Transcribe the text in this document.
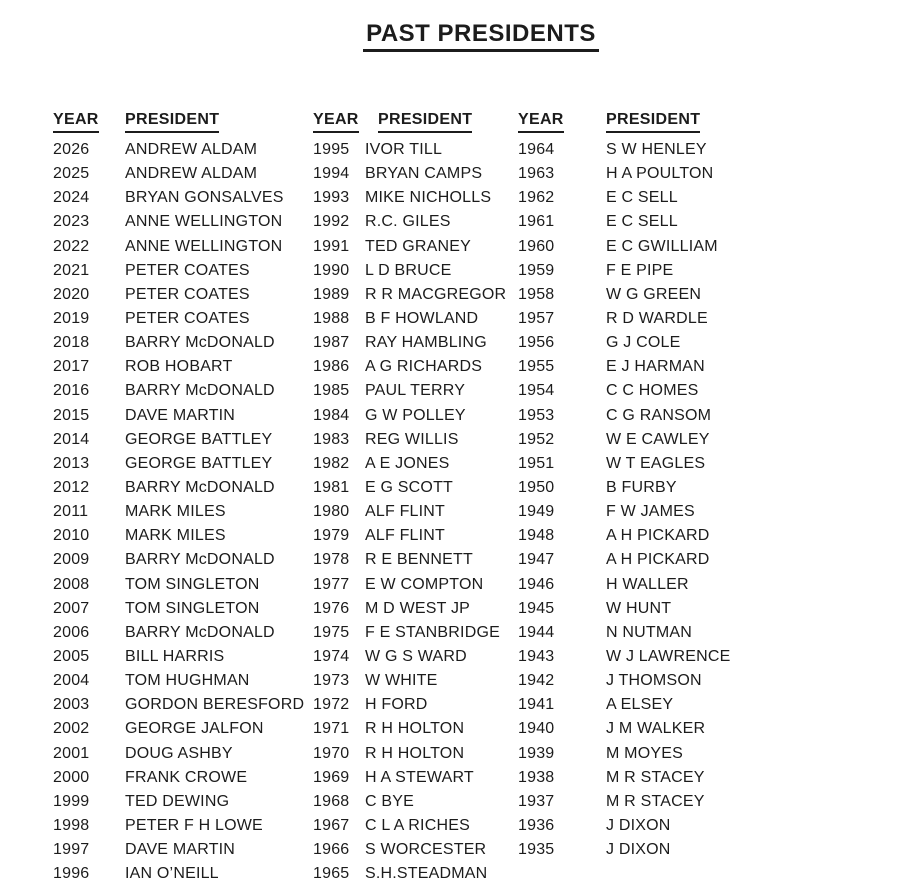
PAST PRESIDENTS
YEAR	PRESIDENT
2026	ANDREW ALDAM
2025	ANDREW ALDAM
2024	BRYAN GONSALVES
2023	ANNE WELLINGTON
2022	ANNE WELLINGTON
2021	PETER COATES
2020	PETER COATES
2019	PETER COATES
2018	BARRY McDONALD
2017	ROB HOBART
2016	BARRY McDONALD
2015	DAVE MARTIN
2014	GEORGE BATTLEY
2013	GEORGE BATTLEY
2012	BARRY McDONALD
2011	MARK MILES
2010	MARK MILES
2009	BARRY McDONALD
2008	TOM SINGLETON
2007	TOM SINGLETON
2006	BARRY McDONALD
2005	BILL HARRIS
2004	TOM HUGHMAN
2003	GORDON BERESFORD
2002	GEORGE JALFON
2001	DOUG ASHBY
2000	FRANK CROWE
1999	TED DEWING
1998	PETER F H LOWE
1997	DAVE MARTIN
1996	IAN O’NEILL
YEAR	PRESIDENT
1995 IVOR TILL
1994 BRYAN CAMPS
1993 MIKE NICHOLLS
1992 R.C. GILES
1991 TED GRANEY
1990 L D BRUCE
1989 R R MACGREGOR
1988 B F HOWLAND
1987 RAY HAMBLING
1986 A G RICHARDS
1985 PAUL TERRY
1984 G W POLLEY
1983 REG WILLIS
1982 A E JONES
1981 E G SCOTT
1980 ALF FLINT
1979 ALF FLINT
1978 R E BENNETT
1977 E W COMPTON
1976 M D WEST JP
1975 F E STANBRIDGE
1974 W G S WARD
1973 W WHITE
1972 H FORD
1971 R H HOLTON
1970 R H HOLTON
1969 H A STEWART
1968 C BYE
1967 C L A RICHES
1966 S WORCESTER
1965 S.H.STEADMAN
YEAR	PRESIDENT
1964	S W HENLEY
1963	H A POULTON
1962	E C SELL
1961	E C SELL
1960	E C GWILLIAM
1959	F E PIPE
1958	W G GREEN
1957	R D WARDLE
1956	G J COLE
1955	E J HARMAN
1954	C C HOMES
1953	C G RANSOM
1952	W E CAWLEY
1951	W T EAGLES
1950	B FURBY
1949	F W JAMES
1948	A H PICKARD
1947	A H PICKARD
1946	H WALLER
1945	W HUNT
1944	N NUTMAN
1943	W J LAWRENCE
1942	J THOMSON
1941	A ELSEY
1940	J M WALKER
1939	M MOYES
1938	M R STACEY
1937	M R STACEY
1936	J DIXON
1935	J DIXON
